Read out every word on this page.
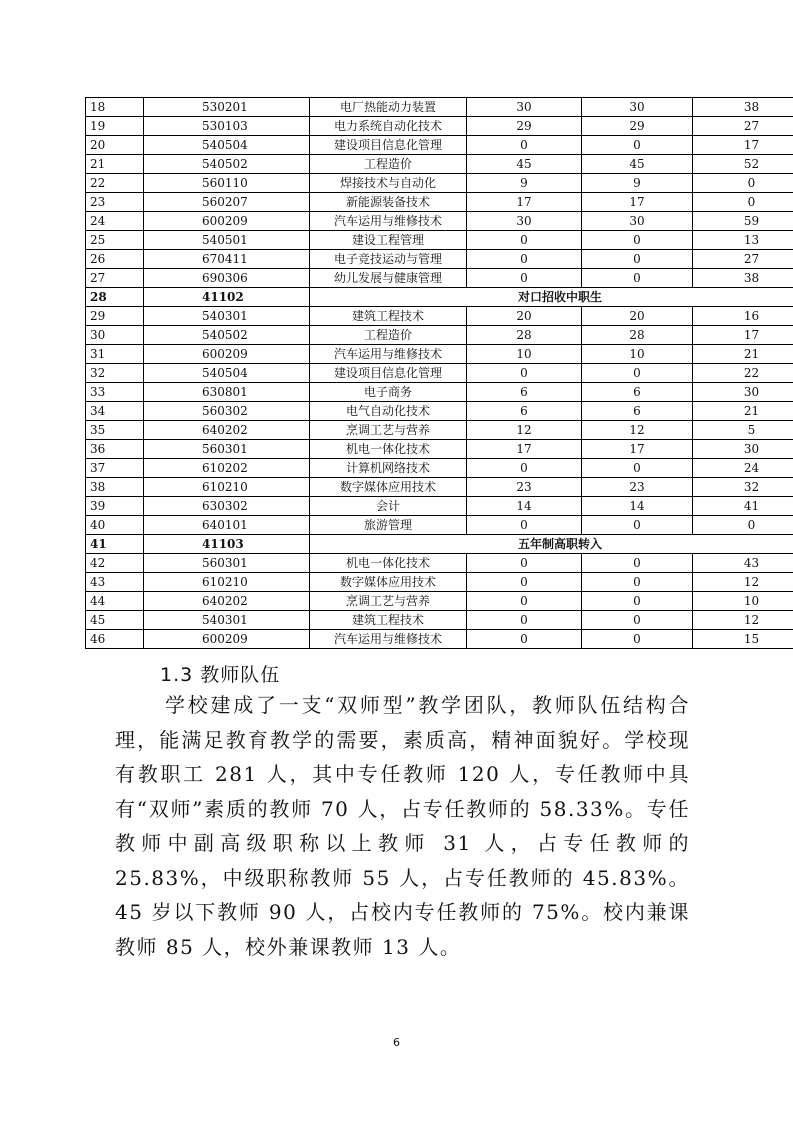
18	530201	电厂热能动力装置	30	30	38
19	530103	电力系统自动化技术	29	29	27
20	540504	建设项目信息化管理	0	0	17
21	540502	工程造价	45	45	52
22	560110	焊接技术与自动化	9	9	0
23	560207	新能源装备技术	17	17	0
24	600209	汽车运用与维修技术	30	30	59
25	540501	建设工程管理	0	0	13
26	670411	电子竞技运动与管理	0	0	27
27	690306	幼儿发展与健康管理	0	0	38
28	41102	对口招收中职生			
29	540301	建筑工程技术	20	20	16
30	540502	工程造价	28	28	17
31	600209	汽车运用与维修技术	10	10	21
32	540504	建设项目信息化管理	0	0	22
33	630801	电子商务	6	6	30
34	560302	电气自动化技术	6	6	21
35	640202	烹调工艺与营养	12	12	5
36	560301	机电一体化技术	17	17	30
37	610202	计算机网络技术	0	0	24
38	610210	数字媒体应用技术	23	23	32
39	630302	会计	14	14	41
40	640101	旅游管理	0	0	0
41	41103	五年制高职转入			
42	560301	机电一体化技术	0	0	43
43	610210	数字媒体应用技术	0	0	12
44	640202	烹调工艺与营养	0	0	10
45	540301	建筑工程技术	0	0	12
46	600209	汽车运用与维修技术	0	0	15
1.3 教师队伍

学校建成了一支“双师型”教学团队，教师队伍结构合理，能满足教育教学的需要，素质高，精神面貌好。学校现有教职工 281 人，其中专任教师 120 人，专任教师中具有“双师”素质的教师 70 人，占专任教师的 58.33%。专任教师中副高级职称以上教师 31 人，占专任教师的 25.83%，中级职称教师 55 人，占专任教师的 45.83%。45 岁以下教师 90 人，占校内专任教师的 75%。校内兼课教师 85 人，校外兼课教师 13 人。

6
